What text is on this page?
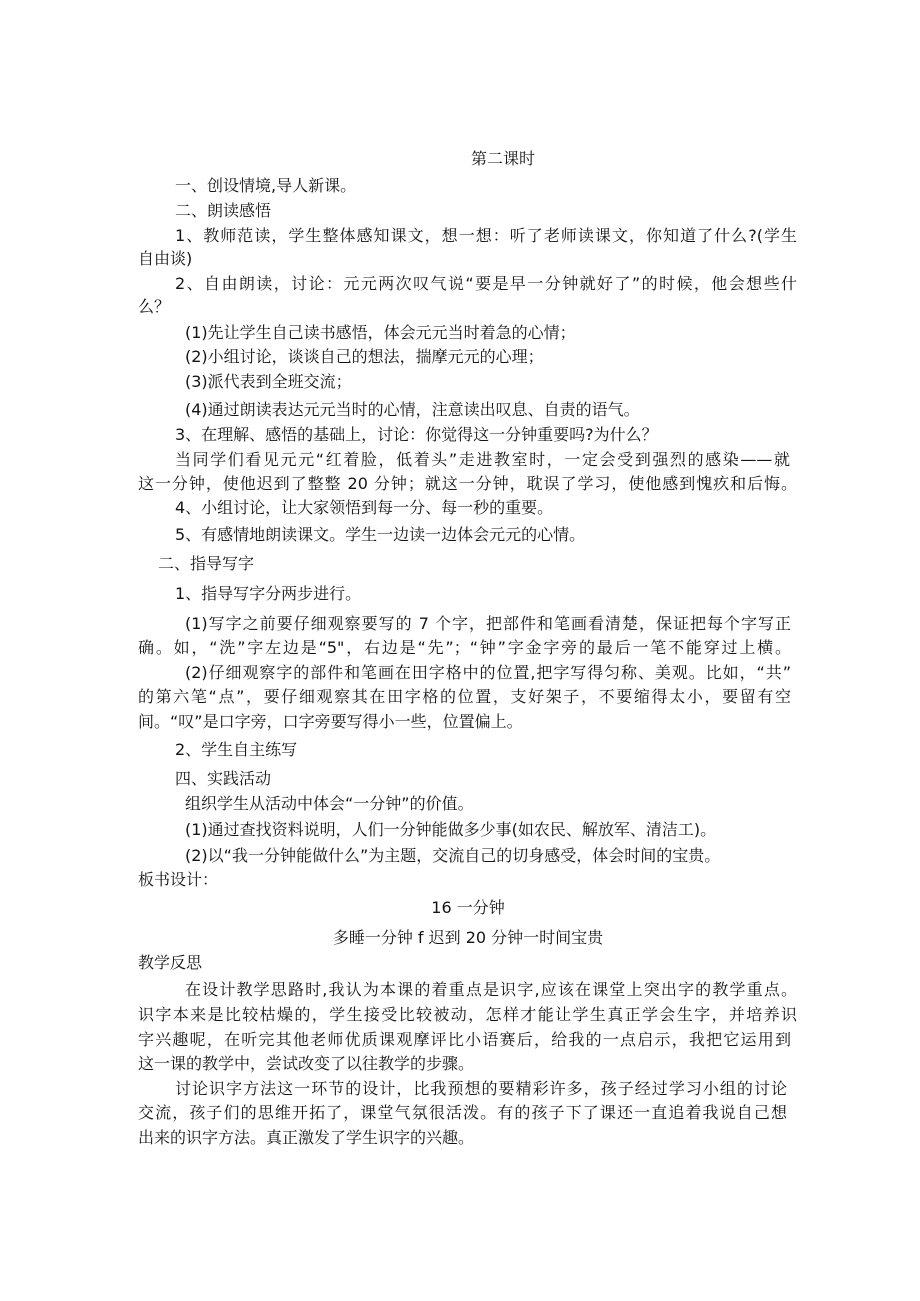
第二课时
一、创设情境,导人新课。
二、朗读感悟
1、教师范读，学生整体感知课文，想一想：听了老师读课文，你知道了什么?(学生
自由谈)
2、自由朗读，讨论：元元两次叹气说“要是早一分钟就好了”的时候，他会想些什
么？
(1)先让学生自己读书感悟，体会元元当时着急的心情；
(2)小组讨论，谈谈自己的想法，揣摩元元的心理；
(3)派代表到全班交流；
(4)通过朗读表达元元当时的心情，注意读出叹息、自责的语气。
3、在理解、感悟的基础上，讨论：你觉得这一分钟重要吗?为什么？
当同学们看见元元“红着脸，低着头”走进教室时，一定会受到强烈的感染——就
这一分钟，使他迟到了整整 20 分钟；就这一分钟，耽误了学习，使他感到愧疚和后悔。
4、小组讨论，让大家领悟到每一分、每一秒的重要。
5、有感情地朗读课文。学生一边读一边体会元元的心情。
二、指导写字
1、指导写字分两步进行。
(1)写字之前要仔细观察要写的 7 个字，把部件和笔画看清楚，保证把每个字写正
确。如，“洗”字左边是“5"，右边是“先”；“钟”字金字旁的最后一笔不能穿过上横。
(2)仔细观察字的部件和笔画在田字格中的位置,把字写得匀称、美观。比如，“共”
的第六笔“点”，要仔细观察其在田字格的位置，支好架子，不要缩得太小，要留有空
间。“叹”是口字旁，口字旁要写得小一些，位置偏上。
2、学生自主练写
四、实践活动
组织学生从活动中体会“一分钟”的价值。
(1)通过查找资料说明，人们一分钟能做多少事(如农民、解放军、清洁工)。
(2)以“我一分钟能做什么”为主题，交流自己的切身感受，体会时间的宝贵。
板书设计：
16 一分钟
多睡一分钟 f 迟到 20 分钟一时间宝贵
教学反思
在设计教学思路时,我认为本课的着重点是识字,应该在课堂上突出字的教学重点。
识字本来是比较枯燥的，学生接受比较被动，怎样才能让学生真正学会生字，并培养识
字兴趣呢，在听完其他老师优质课观摩评比小语赛后，给我的一点启示，我把它运用到
这一课的教学中，尝试改变了以往教学的步骤。
讨论识字方法这一环节的设计，比我预想的要精彩许多，孩子经过学习小组的讨论
交流，孩子们的思维开拓了，课堂气氛很活泼。有的孩子下了课还一直追着我说自己想
出来的识字方法。真正激发了学生识字的兴趣。
